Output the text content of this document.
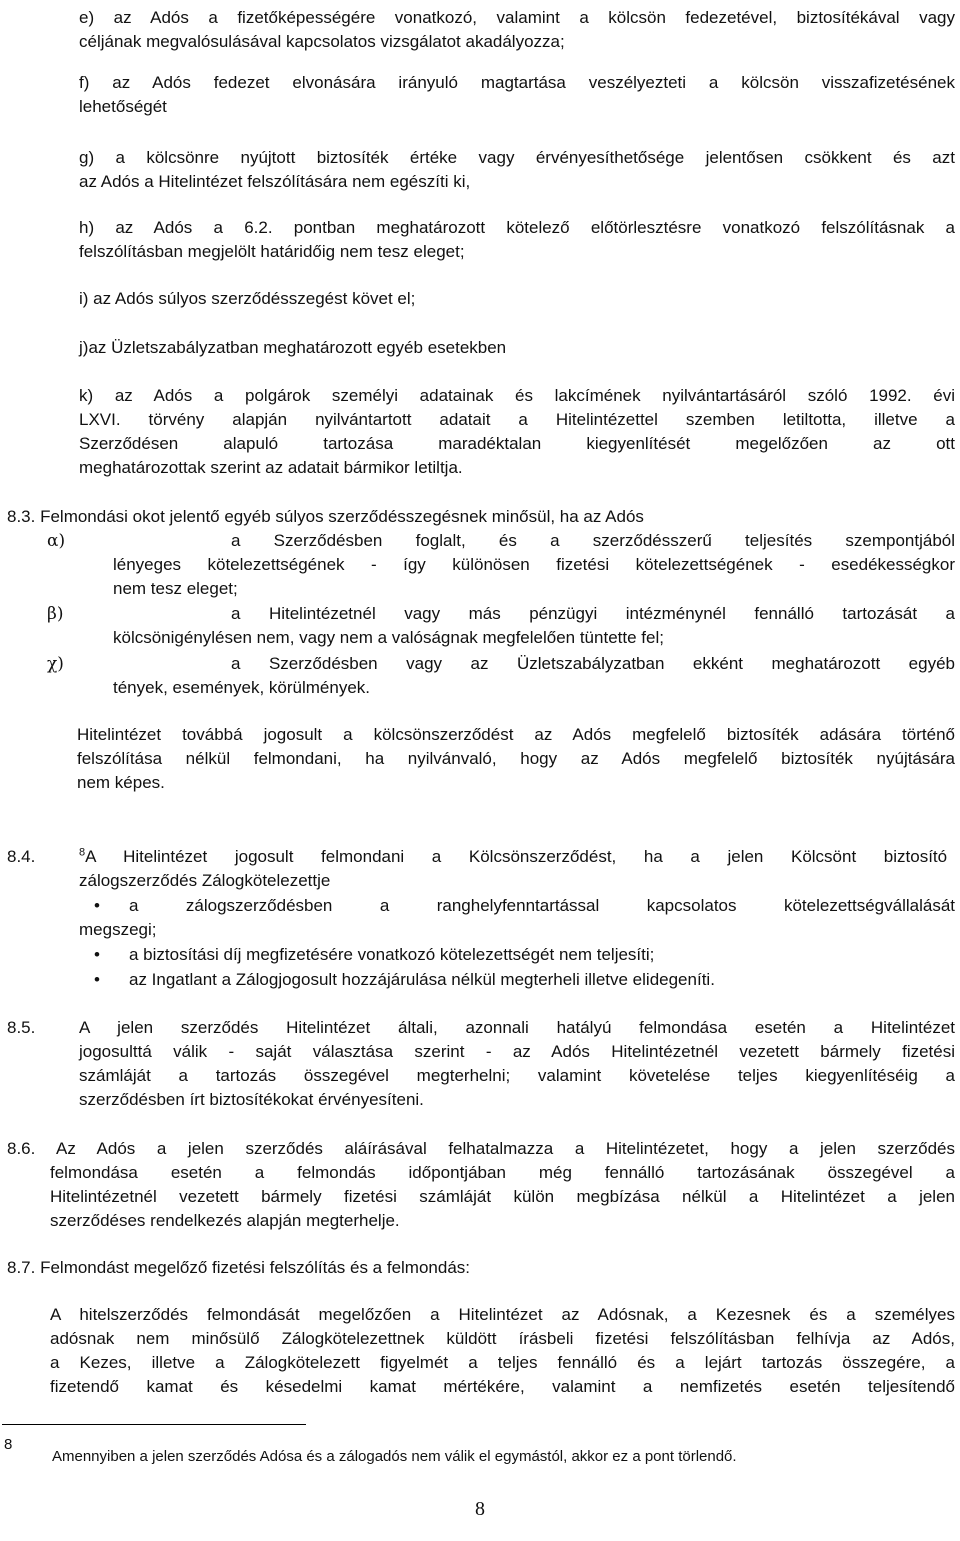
e) az Adós a fizetőképességére vonatkozó, valamint a kölcsön fedezetével, biztosítékával vagy

céljának megvalósulásával kapcsolatos vizsgálatot akadályozza;

f) az Adós fedezet elvonására irányuló magtartása veszélyezteti a kölcsön visszafizetésének

lehetőségét

g) a kölcsönre nyújtott biztosíték értéke vagy érvényesíthetősége jelentősen csökkent és azt

az Adós a Hitelintézet felszólítására nem egészíti ki,

h) az Adós a 6.2. pontban meghatározott kötelező előtörlesztésre vonatkozó felszólításnak a

felszólításban megjelölt határidőig nem tesz eleget;

i) az Adós súlyos szerződésszegést követ el;

j)az Üzletszabályzatban meghatározott egyéb esetekben

k) az Adós a polgárok személyi adatainak és lakcímének nyilvántartásáról szóló 1992. évi

LXVI. törvény alapján nyilvántartott adatait a Hitelintézettel szemben letiltotta, illetve a

Szerződésen alapuló tartozása maradéktalan kiegyenlítését megelőzően az ott

meghatározottak szerint az adatait bármikor letiltja.

8.3. Felmondási okot jelentő egyéb súlyos szerződésszegésnek minősül, ha az Adós

α)	a Szerződésben foglalt, és a szerződésszerű teljesítés szempontjából

lényeges kötelezettségének - így különösen fizetési kötelezettségének - esedékességkor

nem tesz eleget;

β)	a Hitelintézetnél vagy más pénzügyi intézménynél fennálló tartozását a

kölcsönigénylésen nem, vagy nem a valóságnak megfelelően tüntette fel;

χ)	a Szerződésben vagy az Üzletszabályzatban ekként meghatározott egyéb

tények, események, körülmények.

Hitelintézet továbbá jogosult a kölcsönszerződést az Adós megfelelő biztosíték adására történő

felszólítása nélkül felmondani, ha nyilvánvaló, hogy az Adós megfelelő biztosíték nyújtására

nem képes.

8.4.	$^8$A Hitelintézet jogosult felmondani a Kölcsönszerződést, ha a jelen Kölcsönt biztosító

zálogszerződés Zálogkötelezettje

• a zálogszerződésben a ranghelyfenntartással kapcsolatos kötelezettségvállalását

megszegi;

• a biztosítási díj megfizetésére vonatkozó kötelezettségét nem teljesíti;

• az Ingatlant a Zálogjogosult hozzájárulása nélkül megterheli illetve elidegeníti.

8.5.	A jelen szerződés Hitelintézet általi, azonnali hatályú felmondása esetén a Hitelintézet

jogosulttá válik - saját választása szerint - az Adós Hitelintézetnél vezetett bármely fizetési

számláját a tartozás összegével megterhelni; valamint követelése teljes kiegyenlítéséig a

szerződésben írt biztosítékokat érvényesíteni.

8.6. Az Adós a jelen szerződés aláírásával felhatalmazza a Hitelintézetet, hogy a jelen szerződés

felmondása esetén a felmondás időpontjában még fennálló tartozásának összegével a

Hitelintézetnél vezetett bármely fizetési számláját külön megbízása nélkül a Hitelintézet a jelen

szerződéses rendelkezés alapján megterhelje.

8.7. Felmondást megelőző fizetési felszólítás és a felmondás:

A hitelszerződés felmondását megelőzően a Hitelintézet az Adósnak, a Kezesnek és a személyes

adósnak nem minősülő Zálogkötelezettnek küldött írásbeli fizetési felszólításban felhívja az Adós,

a Kezes, illetve a Zálogkötelezett figyelmét a teljes fennálló és a lejárt tartozás összegére, a

fizetendő kamat és késedelmi kamat mértékére, valamint a nemfizetés esetén teljesítendő

8
Amennyiben a jelen szerződés Adósa és a zálogadós nem válik el egymástól, akkor ez a pont törlendő.
8
